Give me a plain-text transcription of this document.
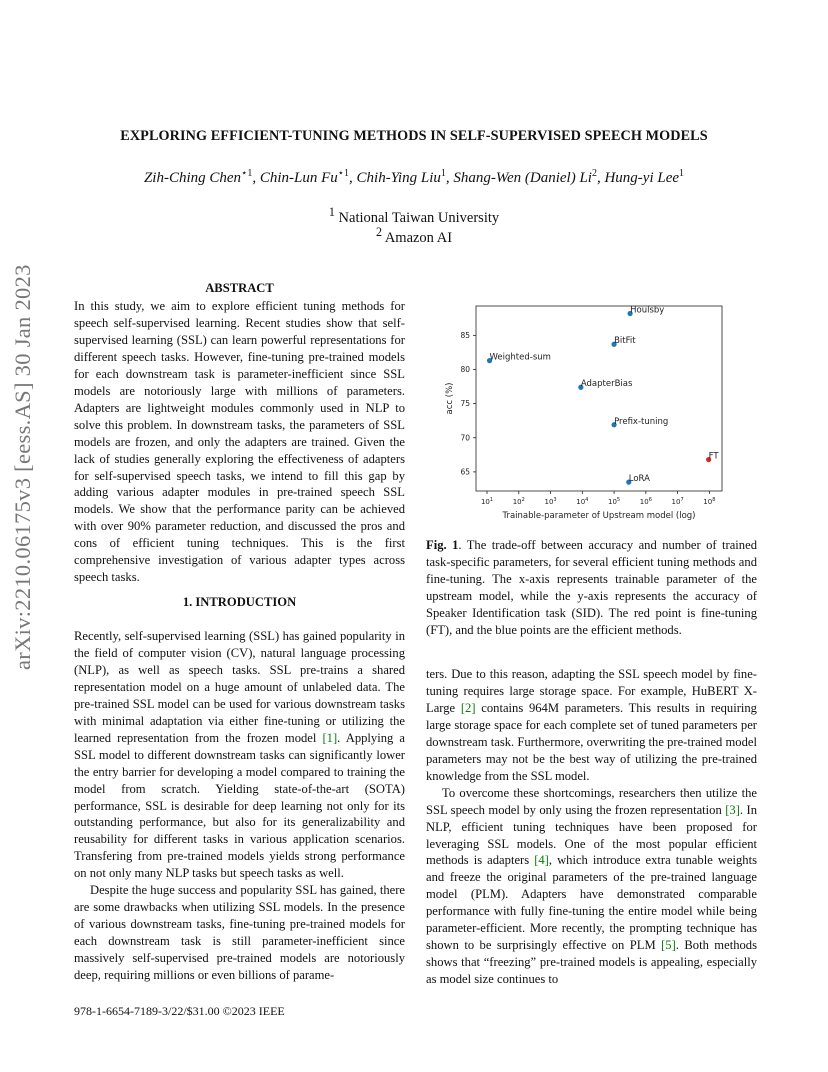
arXiv:2210.06175v3 [eess.AS] 30 Jan 2023
EXPLORING EFFICIENT-TUNING METHODS IN SELF-SUPERVISED SPEECH MODELS
Zih-Ching Chen$^{⋆1}$, Chin-Lun $Fu^{⋆1}$, Chih-Ying Liu$^1$, Shang-Wen (Daniel) Li$^2$, Hung-yi Lee$^1$
$^1$ National Taiwan University
$^2$ Amazon AI
ABSTRACT

In this study, we aim to explore efficient tuning methods for speech self-supervised learning. Recent studies show that self-supervised learning (SSL) can learn powerful representations for different speech tasks. However, fine-tuning pre-trained models for each downstream task is parameter-inefficient since SSL models are notoriously large with millions of parameters. Adapters are lightweight modules commonly used in NLP to solve this problem. In downstream tasks, the parameters of SSL models are frozen, and only the adapters are trained. Given the lack of studies generally exploring the effectiveness of adapters for self-supervised speech tasks, we intend to fill this gap by adding various adapter modules in pre-trained speech SSL models. We show that the performance parity can be achieved with over 90% parameter reduction, and discussed the pros and cons of efficient tuning techniques. This is the first comprehensive investigation of various adapter types across speech tasks.

1. INTRODUCTION

Recently, self-supervised learning (SSL) has gained popularity in the field of computer vision (CV), natural language processing (NLP), as well as speech tasks. SSL pre-trains a shared representation model on a huge amount of unlabeled data. The pre-trained SSL model can be used for various downstream tasks with minimal adaptation via either fine-tuning or utilizing the learned representation from the frozen model [1]. Applying a SSL model to different downstream tasks can significantly lower the entry barrier for developing a model compared to training the model from scratch. Yielding state-of-the-art (SOTA) performance, SSL is desirable for deep learning not only for its outstanding performance, but also for its generalizability and reusability for different tasks in various application scenarios. Transfering from pre-trained models yields strong performance on not only many NLP tasks but speech tasks as well.

Despite the huge success and popularity SSL has gained, there are some drawbacks when utilizing SSL models. In the presence of various downstream tasks, fine-tuning pre-trained models for each downstream task is still parameter-inefficient since massively self-supervised pre-trained models are notoriously deep, requiring millions or even billions of parame-

65
70
75
80
85
$10^1$	$10^2$	$10^3$	$10^4$	$10^5$	$10^6$	$10^7$	$10^8$
Trainable-parameter of Upstream model (log)
acc (%)
Houlsby
BitFit
Weighted-sum
AdapterBias
Prefix-tuning
FT
LoRA

Fig. 1. The trade-off between accuracy and number of trained task-specific parameters, for several efficient tuning methods and fine-tuning. The x-axis represents trainable parameter of the upstream model, while the y-axis represents the accuracy of Speaker Identification task (SID). The red point is fine-tuning (FT), and the blue points are the efficient methods.

ters. Due to this reason, adapting the SSL speech model by fine-tuning requires large storage space. For example, HuBERT X-Large [2] contains 964M parameters. This results in requiring large storage space for each complete set of tuned parameters per downstream task. Furthermore, overwriting the pre-trained model parameters may not be the best way of utilizing the pre-trained knowledge from the SSL model.

To overcome these shortcomings, researchers then utilize the SSL speech model by only using the frozen representation [3]. In NLP, efficient tuning techniques have been proposed for leveraging SSL models. One of the most popular efficient methods is adapters [4], which introduce extra tunable weights and freeze the original parameters of the pre-trained language model (PLM). Adapters have demonstrated comparable performance with fully fine-tuning the entire model while being parameter-efficient. More recently, the prompting technique has shown to be surprisingly effective on PLM [5]. Both methods shows that “freezing” pre-trained models is appealing, especially as model size continues to

978-1-6654-7189-3/22/$31.00 ©2023 IEEE
